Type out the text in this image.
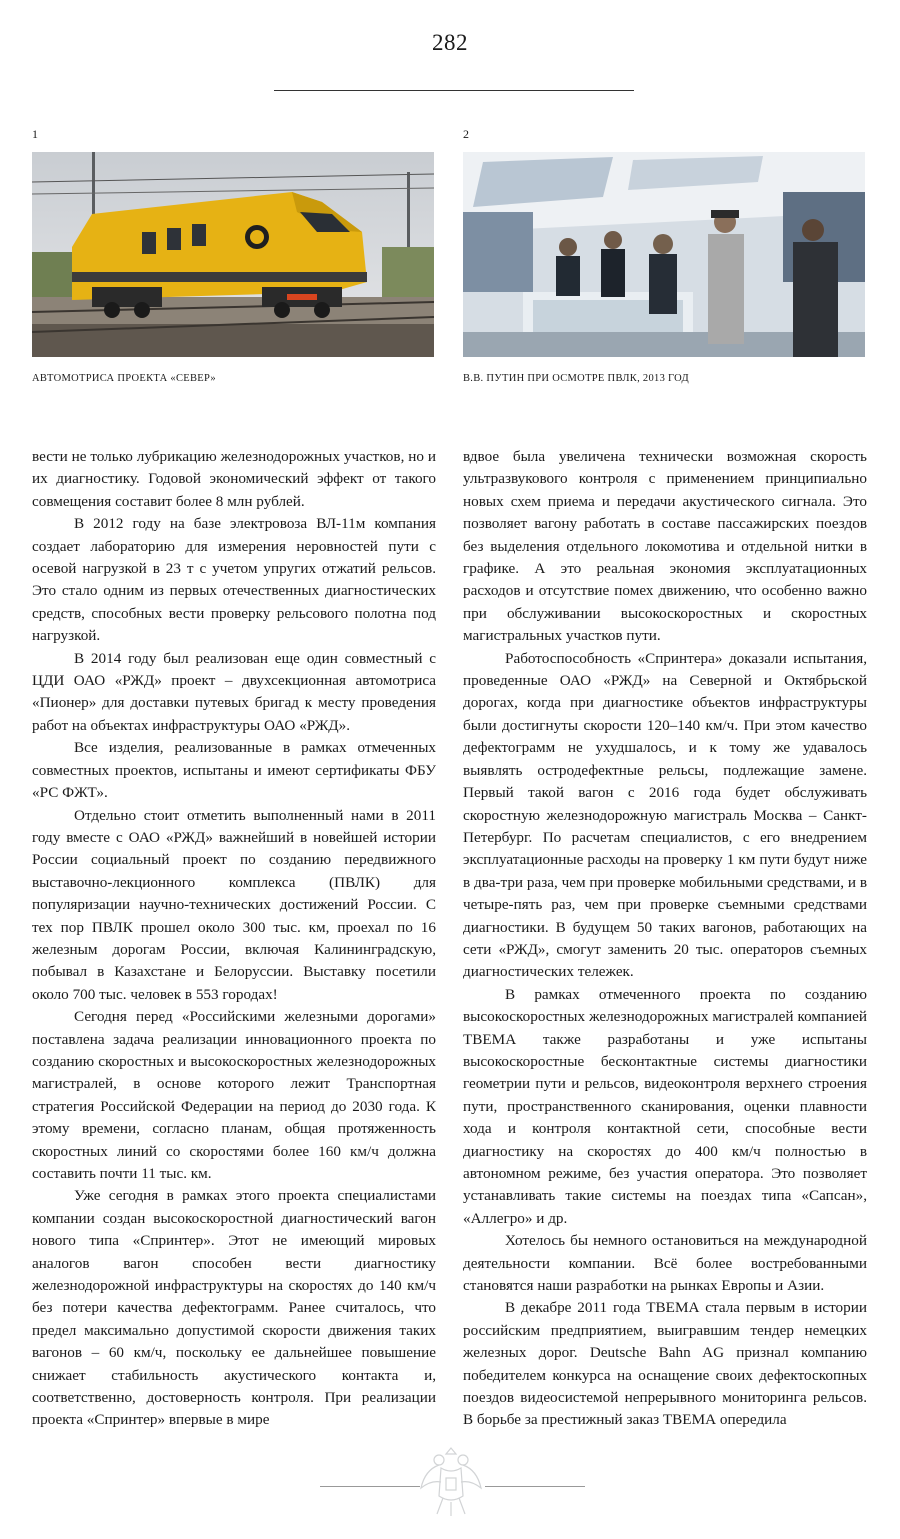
282
1
АВТОМОТРИСА ПРОЕКТА «СЕВЕР»
2
В.В. ПУТИН ПРИ ОСМОТРЕ ПВЛК, 2013 ГОД

вести не только лубрикацию железнодорожных участков, но и их диагностику. Годовой экономический эффект от такого совмещения составит более 8 млн рублей.

В 2012 году на базе электровоза ВЛ-11м компания создает лабораторию для измерения неровностей пути с осевой нагрузкой в 23 т с учетом упругих отжатий рельсов. Это стало одним из первых отечественных диагностических средств, способных вести проверку рельсового полотна под нагрузкой.

В 2014 году был реализован еще один совместный с ЦДИ ОАО «РЖД» проект – двухсекционная автомотриса «Пионер» для доставки путевых бригад к месту проведения работ на объектах инфраструктуры ОАО «РЖД».

Все изделия, реализованные в рамках отмеченных совместных проектов, испытаны и имеют сертификаты ФБУ «РС ФЖТ».

Отдельно стоит отметить выполненный нами в 2011 году вместе с ОАО «РЖД» важнейший в новейшей истории России социальный проект по созданию передвижного выставочно-лекционного комплекса (ПВЛК) для популяризации научно-технических достижений России. С тех пор ПВЛК прошел около 300 тыс. км, проехал по 16 железным дорогам России, включая Калининградскую, побывал в Казахстане и Белоруссии. Выставку посетили около 700 тыс. человек в 553 городах!

Сегодня перед «Российскими железными дорогами» поставлена задача реализации инновационного проекта по созданию скоростных и высокоскоростных железнодорожных магистралей, в основе которого лежит Транспортная стратегия Российской Федерации на период до 2030 года. К этому времени, согласно планам, общая протяженность скоростных линий со скоростями более 160 км/ч должна составить почти 11 тыс. км.

Уже сегодня в рамках этого проекта специалистами компании создан высокоскоростной диагностический вагон нового типа «Спринтер». Этот не имеющий мировых аналогов вагон способен вести диагностику железнодорожной инфраструктуры на скоростях до 140 км/ч без потери качества дефектограмм. Ранее считалось, что предел максимально допустимой скорости движения таких вагонов – 60 км/ч, поскольку ее дальнейшее повышение снижает стабильность акустического контакта и, соответственно, достоверность контроля. При реализации проекта «Спринтер» впервые в мире

вдвое была увеличена технически возможная скорость ультразвукового контроля с применением принципиально новых схем приема и передачи акустического сигнала. Это позволяет вагону работать в составе пассажирских поездов без выделения отдельного локомотива и отдельной нитки в графике. А это реальная экономия эксплуатационных расходов и отсутствие помех движению, что особенно важно при обслуживании высокоскоростных и скоростных магистральных участков пути.

Работоспособность «Спринтера» доказали испытания, проведенные ОАО «РЖД» на Северной и Октябрьской дорогах, когда при диагностике объектов инфраструктуры были достигнуты скорости 120–140 км/ч. При этом качество дефектограмм не ухудшалось, и к тому же удавалось выявлять остродефектные рельсы, подлежащие замене. Первый такой вагон с 2016 года будет обслуживать скоростную железнодорожную магистраль Москва – Санкт-Петербург. По расчетам специалистов, с его внедрением эксплуатационные расходы на проверку 1 км пути будут ниже в два-три раза, чем при проверке мобильными средствами, и в четыре-пять раз, чем при проверке съемными средствами диагностики. В будущем 50 таких вагонов, работающих на сети «РЖД», смогут заменить 20 тыс. операторов съемных диагностических тележек.

В рамках отмеченного проекта по созданию высокоскоростных железнодорожных магистралей компанией ТВЕМА также разработаны и уже испытаны высокоскоростные бесконтактные системы диагностики геометрии пути и рельсов, видеоконтроля верхнего строения пути, пространственного сканирования, оценки плавности хода и контроля контактной сети, способные вести диагностику на скоростях до 400 км/ч полностью в автономном режиме, без участия оператора. Это позволяет устанавливать такие системы на поездах типа «Сапсан», «Аллегро» и др.

Хотелось бы немного остановиться на международной деятельности компании. Всё более востребованными становятся наши разработки на рынках Европы и Азии.

В декабре 2011 года ТВЕМА стала первым в истории российским предприятием, выигравшим тендер немецких железных дорог. Deutsche Bahn AG признал компанию победителем конкурса на оснащение своих дефектоскопных поездов видеосистемой непрерывного мониторинга рельсов. В борьбе за престижный заказ ТВЕМА опередила
